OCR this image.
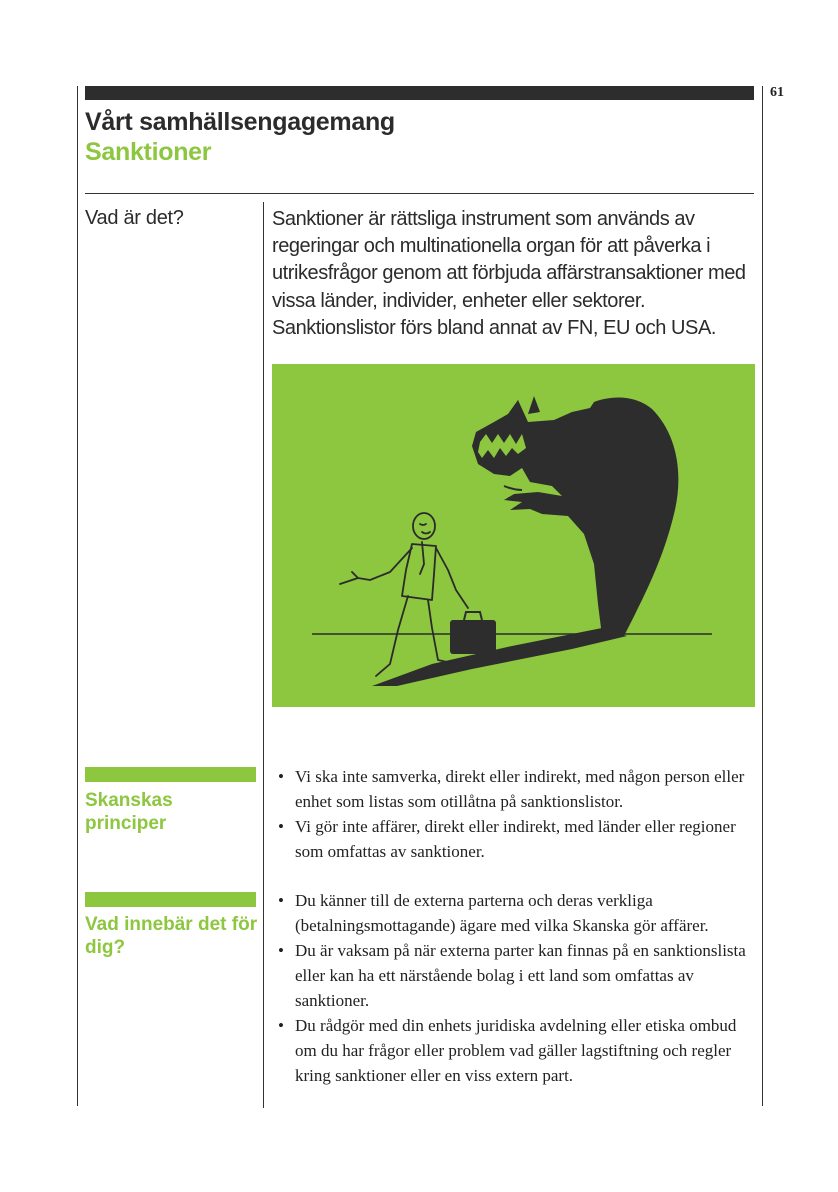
61
Vårt samhällsengagemang
Sanktioner
Vad är det?	Sanktioner är rättsliga instrument som används av regeringar och multinationella organ för att påverka i utrikesfrågor genom att förbjuda affärstransaktioner med vissa länder, individer, enheter eller sektorer. Sanktionslistor förs bland annat av FN, EU och USA.

Skanskas principer
• Vi ska inte samverka, direkt eller indirekt, med någon person eller enhet som listas som otillåtna på sanktionslistor.
• Vi gör inte affärer, direkt eller indirekt, med länder eller regioner som omfattas av sanktioner.
Vad innebär det för dig?
• Du känner till de externa parterna och deras verkliga (betalningsmottagande) ägare med vilka Skanska gör affärer.
• Du är vaksam på när externa parter kan finnas på en sanktionslista eller kan ha ett närstående bolag i ett land som omfattas av sanktioner.
• Du rådgör med din enhets juridiska avdelning eller etiska ombud om du har frågor eller problem vad gäller lagstiftning och regler kring sanktioner eller en viss extern part.
